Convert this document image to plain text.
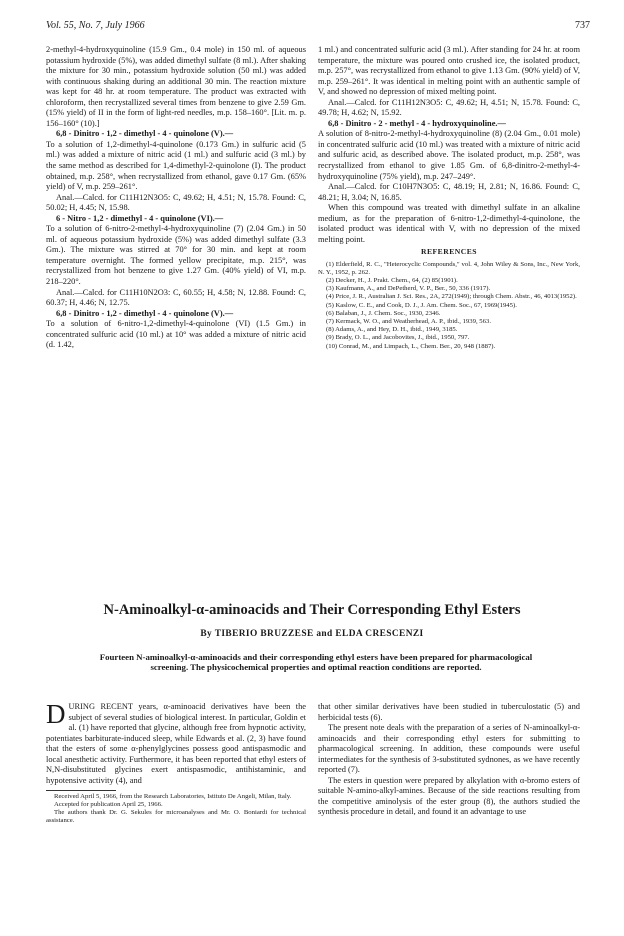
Vol. 55, No. 7, July 1966	737

2-methyl-4-hydroxyquinoline (15.9 Gm., 0.4 mole) in 150 ml. of aqueous potassium hydroxide (5%), was added dimethyl sulfate (8 ml.). After shaking the mixture for 30 min., potassium hydroxide solution (50 ml.) was added with continuous shaking during an additional 30 min. The reaction mixture was kept for 48 hr. at room temperature. The product was extracted with chloroform, then recrystallized several times from benzene to give 2.59 Gm. (15% yield) of II in the form of light-red needles, m.p. 158–160°. [Lit. m. p. 156–160° (10).]

6,8 - Dinitro - 1,2 - dimethyl - 4 - quinolone (V).—

To a solution of 1,2-dimethyl-4-quinolone (0.173 Gm.) in sulfuric acid (5 ml.) was added a mixture of nitric acid (1 ml.) and sulfuric acid (3 ml.) by the same method as described for 1,4-dimethyl-2-quinolone (I). The product obtained, m.p. 258°, when recrystallized from ethanol, gave 0.17 Gm. (65% yield) of V, m.p. 259–261°.

Anal.—Calcd. for C11H12N3O5: C, 49.62; H, 4.51; N, 15.78. Found: C, 50.02; H, 4.45; N, 15.98.

6 - Nitro - 1,2 - dimethyl - 4 - quinolone (VI).—

To a solution of 6-nitro-2-methyl-4-hydroxyquinoline (7) (2.04 Gm.) in 50 ml. of aqueous potassium hydroxide (5%) was added dimethyl sulfate (3.3 Gm.). The mixture was stirred at 70° for 30 min. and kept at room temperature overnight. The formed yellow precipitate, m.p. 215°, was recrystallized from hot benzene to give 1.27 Gm. (40% yield) of VI, m.p. 218–220°.

Anal.—Calcd. for C11H10N2O3: C, 60.55; H, 4.58; N, 12.88. Found: C, 60.37; H, 4.46; N, 12.75.

6,8 - Dinitro - 1,2 - dimethyl - 4 - quinolone (V).—

To a solution of 6-nitro-1,2-dimethyl-4-quinolone (VI) (1.5 Gm.) in concentrated sulfuric acid (10 ml.) at 10° was added a mixture of nitric acid (d. 1.42,

1 ml.) and concentrated sulfuric acid (3 ml.). After standing for 24 hr. at room temperature, the mixture was poured onto crushed ice, the isolated product, m.p. 257°, was recrystallized from ethanol to give 1.13 Gm. (90% yield) of V, m.p. 259–261°. It was identical in melting point with an authentic sample of V, and showed no depression of mixed melting point.

Anal.—Calcd. for C11H12N3O5: C, 49.62; H, 4.51; N, 15.78. Found: C, 49.78; H, 4.62; N, 15.92.

6,8 - Dinitro - 2 - methyl - 4 - hydroxyquinoline.—

A solution of 8-nitro-2-methyl-4-hydroxyquinoline (8) (2.04 Gm., 0.01 mole) in concentrated sulfuric acid (10 ml.) was treated with a mixture of nitric acid and sulfuric acid, as described above. The isolated product, m.p. 258°, was recrystallized from ethanol to give 1.85 Gm. of 6,8-dinitro-2-methyl-4-hydroxyquinoline (75% yield), m.p. 247–249°.

Anal.—Calcd. for C10H7N3O5: C, 48.19; H, 2.81; N, 16.86. Found: C, 48.21; H, 3.04; N, 16.85.

When this compound was treated with dimethyl sulfate in an alkaline medium, as for the preparation of 6-nitro-1,2-dimethyl-4-quinolone, the isolated product was identical with V, with no depression of the mixed melting point.

REFERENCES

(1) Elderfield, R. C., "Heterocyclic Compounds," vol. 4, John Wiley & Sons, Inc., New York, N. Y., 1952, p. 262.

(2) Decker, H., J. Prakt. Chem., 64, (2) 85(1901).

(3) Kaufmann, A., and DePetherd, V. P., Ber., 50, 336 (1917).

(4) Price, J. R., Australian J. Sci. Res., 2A, 272(1949); through Chem. Abstr., 46, 4013(1952).

(5) Kaslow, C. E., and Cook, D. J., J. Am. Chem. Soc., 67, 1969(1945).

(6) Balaban, J., J. Chem. Soc., 1930, 2346.

(7) Kermack, W. O., and Weatherhead, A. P., ibid., 1939, 563.

(8) Adams, A., and Hey, D. H., ibid., 1949, 3185.

(9) Brady, O. L., and Jacobovites, J., ibid., 1950, 797.

(10) Conrad, M., and Limpach, L., Chem. Ber., 20, 948 (1887).

N-Aminoalkyl-α-aminoacids and Their Corresponding Ethyl Esters
By TIBERIO BRUZZESE and ELDA CRESCENZI
Fourteen N-aminoalkyl-α-aminoacids and their corresponding ethyl esters have been prepared for pharmacological screening. The physicochemical properties and optimal reaction conditions are reported.

DURING RECENT years, α-aminoacid derivatives have been the subject of several studies of biological interest. In particular, Goldin et al. (1) have reported that glycine, although free from hypnotic activity, potentiates barbiturate-induced sleep, while Edwards et al. (2, 3) have found that the esters of some α-phenylglycines possess good antispasmodic and local anesthetic activity. Furthermore, it has been reported that ethyl esters of N,N-disubstituted glycines exert antispasmodic, antihistaminic, and hypotensive activity (4), and

Received April 5, 1966, from the Research Laboratories, Istituto De Angeli, Milan, Italy.

Accepted for publication April 25, 1966.

The authors thank Dr. G. Sekules for microanalyses and Mr. O. Boniardi for technical assistance.

that other similar derivatives have been studied in tuberculostatic (5) and herbicidal tests (6).

The present note deals with the preparation of a series of N-aminoalkyl-α-aminoacids and their corresponding ethyl esters for submitting to pharmacological screening. In addition, these compounds were useful intermediates for the synthesis of 3-substituted sydnones, as we have recently reported (7).

The esters in question were prepared by alkylation with α-bromo esters of suitable N-amino-alkyl-amines. Because of the side reactions resulting from the competitive aminolysis of the ester group (8), the authors studied the synthesis procedure in detail, and found it an advantage to use
